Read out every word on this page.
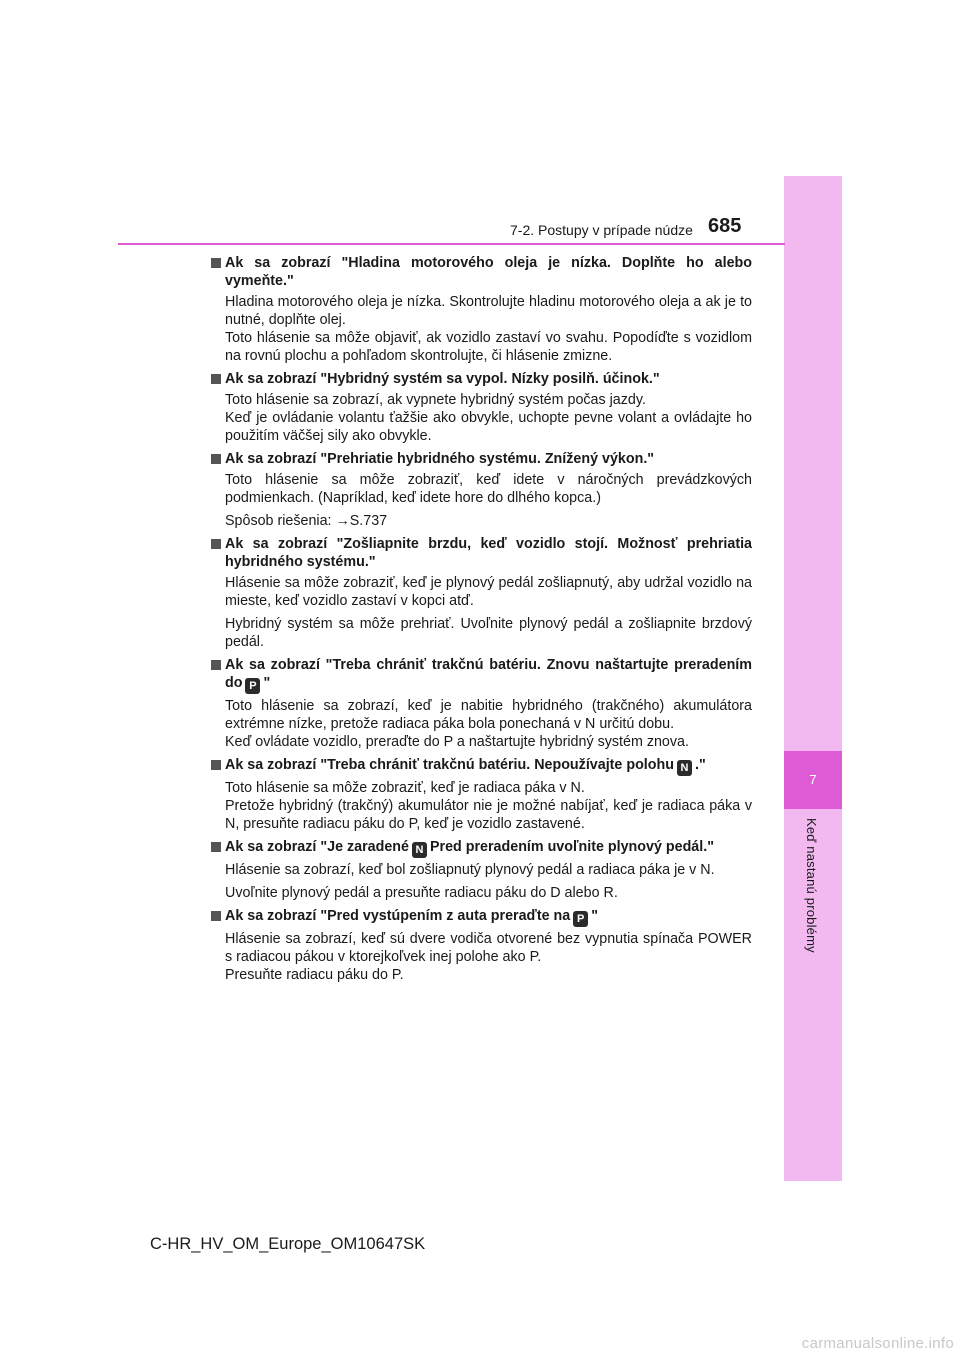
7
Keď nastanú problémy
7-2. Postupy v prípade núdze 685
Ak sa zobrazí "Hladina motorového oleja je nízka. Doplňte ho alebo vymeňte."
Hladina motorového oleja je nízka. Skontrolujte hladinu motorového oleja a ak je to nutné, doplňte olej.
Toto hlásenie sa môže objaviť, ak vozidlo zastaví vo svahu. Popodíďte s vozidlom na rovnú plochu a pohľadom skontrolujte, či hlásenie zmizne.
Ak sa zobrazí "Hybridný systém sa vypol. Nízky posilň. účinok."
Toto hlásenie sa zobrazí, ak vypnete hybridný systém počas jazdy.
Keď je ovládanie volantu ťažšie ako obvykle, uchopte pevne volant a ovládajte ho použitím väčšej sily ako obvykle.
Ak sa zobrazí "Prehriatie hybridného systému. Znížený výkon."
Toto hlásenie sa môže zobraziť, keď idete v náročných prevádzkových podmienkach. (Napríklad, keď idete hore do dlhého kopca.)
Spôsob riešenia: →S.737
Ak sa zobrazí "Zošliapnite brzdu, keď vozidlo stojí. Možnosť prehriatia hybridného systému."
Hlásenie sa môže zobraziť, keď je plynový pedál zošliapnutý, aby udržal vozidlo na mieste, keď vozidlo zastaví v kopci atď.
Hybridný systém sa môže prehriať. Uvoľnite plynový pedál a zošliapnite brzdový pedál.
Ak sa zobrazí "Treba chrániť trakčnú batériu. Znovu naštartujte preradením do P "
Toto hlásenie sa zobrazí, keď je nabitie hybridného (trakčného) akumulátora extrémne nízke, pretože radiaca páka bola ponechaná v N určitú dobu.
Keď ovládate vozidlo, preraďte do P a naštartujte hybridný systém znova.
Ak sa zobrazí "Treba chrániť trakčnú batériu. Nepoužívajte polohu N ."
Toto hlásenie sa môže zobraziť, keď je radiaca páka v N.
Pretože hybridný (trakčný) akumulátor nie je možné nabíjať, keď je radiaca páka v N, presuňte radiacu páku do P, keď je vozidlo zastavené.
Ak sa zobrazí "Je zaradené N Pred preradením uvoľnite plynový pedál."
Hlásenie sa zobrazí, keď bol zošliapnutý plynový pedál a radiaca páka je v N.
Uvoľnite plynový pedál a presuňte radiacu páku do D alebo R.
Ak sa zobrazí "Pred vystúpením z auta preraďte na P "
Hlásenie sa zobrazí, keď sú dvere vodiča otvorené bez vypnutia spínača POWER s radiacou pákou v ktorejkoľvek inej polohe ako P.
Presuňte radiacu páku do P.
C-HR_HV_OM_Europe_OM10647SK
carmanualsonline.info
